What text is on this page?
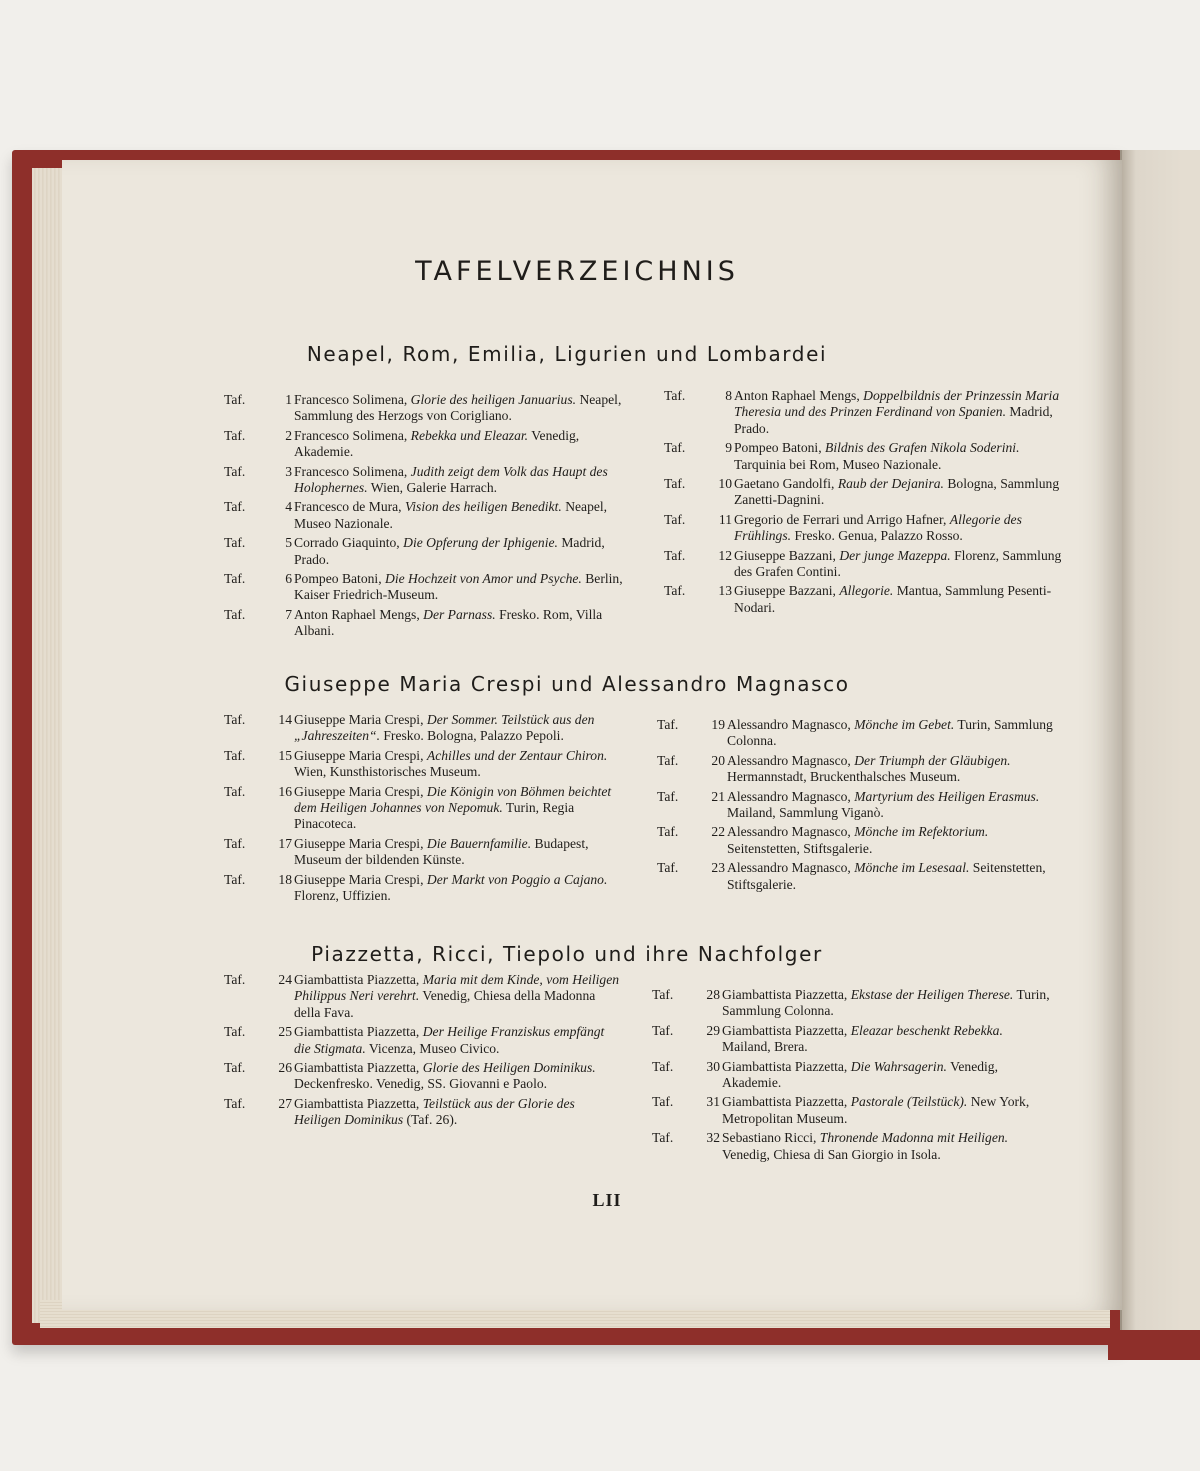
TAFELVERZEICHNIS
Neapel, Rom, Emilia, Ligurien und Lombardei
Taf.	1 Francesco Solimena, Glorie des heiligen Januarius. Neapel, Sammlung des Herzogs von Corigliano.
Taf.	2 Francesco Solimena, Rebekka und Eleazar. Venedig, Akademie.
Taf.	3 Francesco Solimena, Judith zeigt dem Volk das Haupt des Holophernes. Wien, Galerie Harrach.
Taf.	4 Francesco de Mura, Vision des heiligen Benedikt. Neapel, Museo Nazionale.
Taf.	5 Corrado Giaquinto, Die Opferung der Iphigenie. Madrid, Prado.
Taf.	6 Pompeo Batoni, Die Hochzeit von Amor und Psyche. Berlin, Kaiser Friedrich-Museum.
Taf.	7 Anton Raphael Mengs, Der Parnass. Fresko. Rom, Villa Albani.
Taf.	8 Anton Raphael Mengs, Doppelbildnis der Prinzessin Maria Theresia und des Prinzen Ferdinand von Spanien. Madrid, Prado.
Taf.	9 Pompeo Batoni, Bildnis des Grafen Nikola Soderini. Tarquinia bei Rom, Museo Nazionale.
Taf.	10 Gaetano Gandolfi, Raub der Dejanira. Bologna, Sammlung Zanetti-Dagnini.
Taf.	11 Gregorio de Ferrari und Arrigo Hafner, Allegorie des Frühlings. Fresko. Genua, Palazzo Rosso.
Taf.	12 Giuseppe Bazzani, Der junge Mazeppa. Florenz, Sammlung des Grafen Contini.
Taf.	13 Giuseppe Bazzani, Allegorie. Mantua, Sammlung Pesenti-Nodari.
Giuseppe Maria Crespi und Alessandro Magnasco
Taf.	14 Giuseppe Maria Crespi, Der Sommer. Teilstück aus den „Jahreszeiten“. Fresko. Bologna, Palazzo Pepoli.
Taf.	15 Giuseppe Maria Crespi, Achilles und der Zentaur Chiron. Wien, Kunsthistorisches Museum.
Taf.	16 Giuseppe Maria Crespi, Die Königin von Böhmen beichtet dem Heiligen Johannes von Nepomuk. Turin, Regia Pinacoteca.
Taf.	17 Giuseppe Maria Crespi, Die Bauernfamilie. Budapest, Museum der bildenden Künste.
Taf.	18 Giuseppe Maria Crespi, Der Markt von Poggio a Cajano. Florenz, Uffizien.
Taf.	19 Alessandro Magnasco, Mönche im Gebet. Turin, Sammlung Colonna.
Taf.	20 Alessandro Magnasco, Der Triumph der Gläubigen. Hermannstadt, Bruckenthalsches Museum.
Taf.	21 Alessandro Magnasco, Martyrium des Heiligen Erasmus. Mailand, Sammlung Viganò.
Taf.	22 Alessandro Magnasco, Mönche im Refektorium. Seitenstetten, Stiftsgalerie.
Taf.	23 Alessandro Magnasco, Mönche im Lesesaal. Seitenstetten, Stiftsgalerie.
Piazzetta, Ricci, Tiepolo und ihre Nachfolger
Taf.	24 Giambattista Piazzetta, Maria mit dem Kinde, vom Heiligen Philippus Neri verehrt. Venedig, Chiesa della Madonna della Fava.
Taf.	25 Giambattista Piazzetta, Der Heilige Franziskus empfängt die Stigmata. Vicenza, Museo Civico.
Taf.	26 Giambattista Piazzetta, Glorie des Heiligen Dominikus. Deckenfresko. Venedig, SS. Giovanni e Paolo.
Taf.	27 Giambattista Piazzetta, Teilstück aus der Glorie des Heiligen Dominikus (Taf. 26).
Taf.	28 Giambattista Piazzetta, Ekstase der Heiligen Therese. Turin, Sammlung Colonna.
Taf.	29 Giambattista Piazzetta, Eleazar beschenkt Rebekka. Mailand, Brera.
Taf.	30 Giambattista Piazzetta, Die Wahrsagerin. Venedig, Akademie.
Taf.	31 Giambattista Piazzetta, Pastorale (Teilstück). New York, Metropolitan Museum.
Taf.	32 Sebastiano Ricci, Thronende Madonna mit Heiligen. Venedig, Chiesa di San Giorgio in Isola.
LII
